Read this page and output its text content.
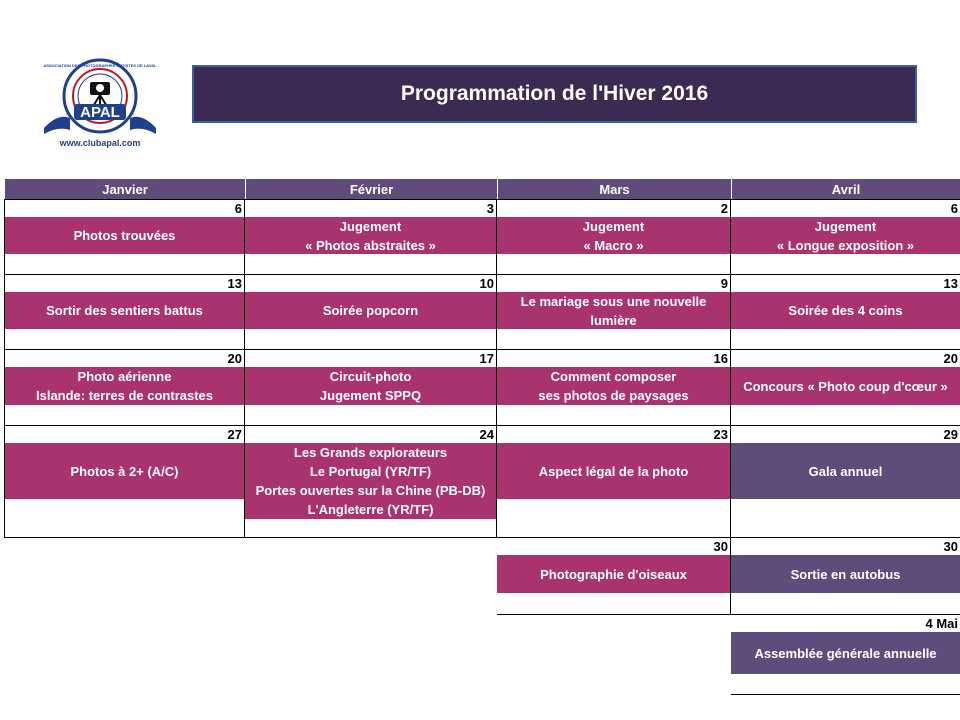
APAL
ASSOCIATION DES PHOTOGRAPHES ARTISTES DE LAVAL
www.clubapal.com
Programmation de l'Hiver 2016
Janvier
6
Photos trouvées
13
Sortir des sentiers battus
20
Photo aérienne
Islande: terres de contrastes
27
Photos à 2+ (A/C)
Février
3
Jugement
« Photos abstraites »
10
Soirée popcorn
17
Circuit-photo
Jugement SPPQ
24
Les Grands explorateurs
Le Portugal (YR/TF)
Portes ouvertes sur la Chine (PB-DB)
L'Angleterre (YR/TF)
Mars
2
Jugement
« Macro »
9
Le mariage sous une nouvelle
lumière
16
Comment composer
ses photos de paysages
23
Aspect légal de la photo
30
Photographie d'oiseaux
Avril
6
Jugement
« Longue exposition »
13
Soirée des 4 coins
20
Concours « Photo coup d'cœur »
29
Gala annuel
30
Sortie en autobus
4 Mai
Assemblée générale annuelle
